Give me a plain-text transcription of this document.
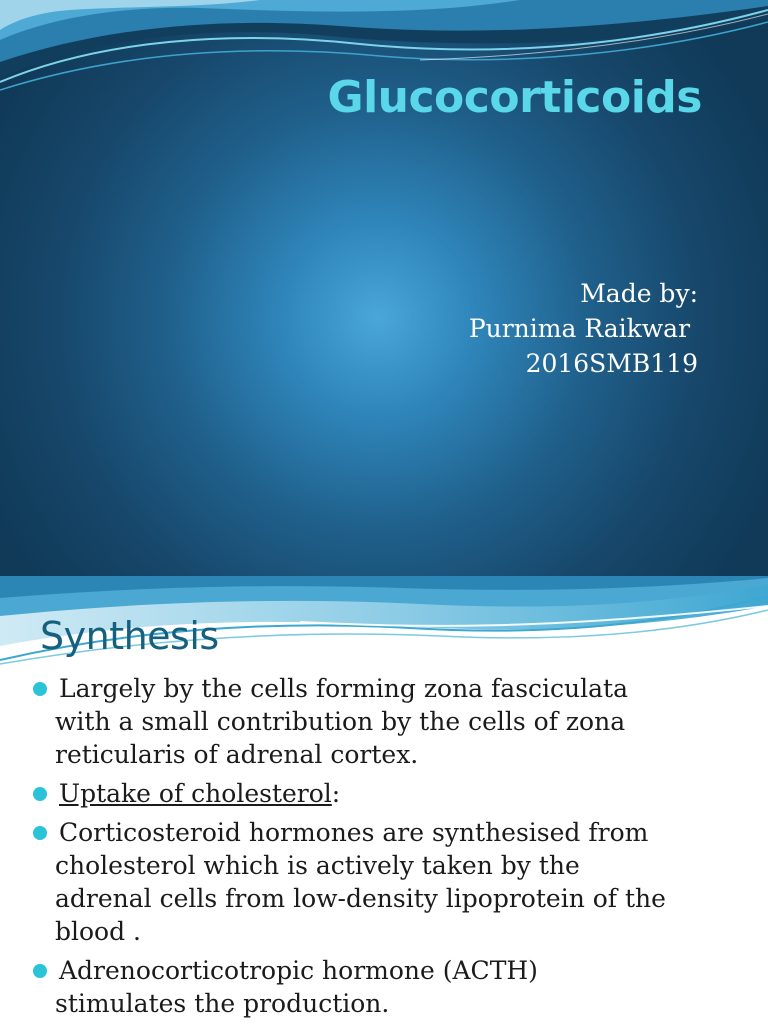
Glucocorticoids
Made by:
Purnima Raikwar
2016SMB119
Synthesis
Largely by the cells forming zona fasciculata
with a small contribution by the cells of zona
reticularis of adrenal cortex.
Uptake of cholesterol:
Corticosteroid hormones are synthesised from
cholesterol which is actively taken by the
adrenal cells from low-density lipoprotein of the
blood .
Adrenocorticotropic hormone (ACTH)
stimulates the production.
